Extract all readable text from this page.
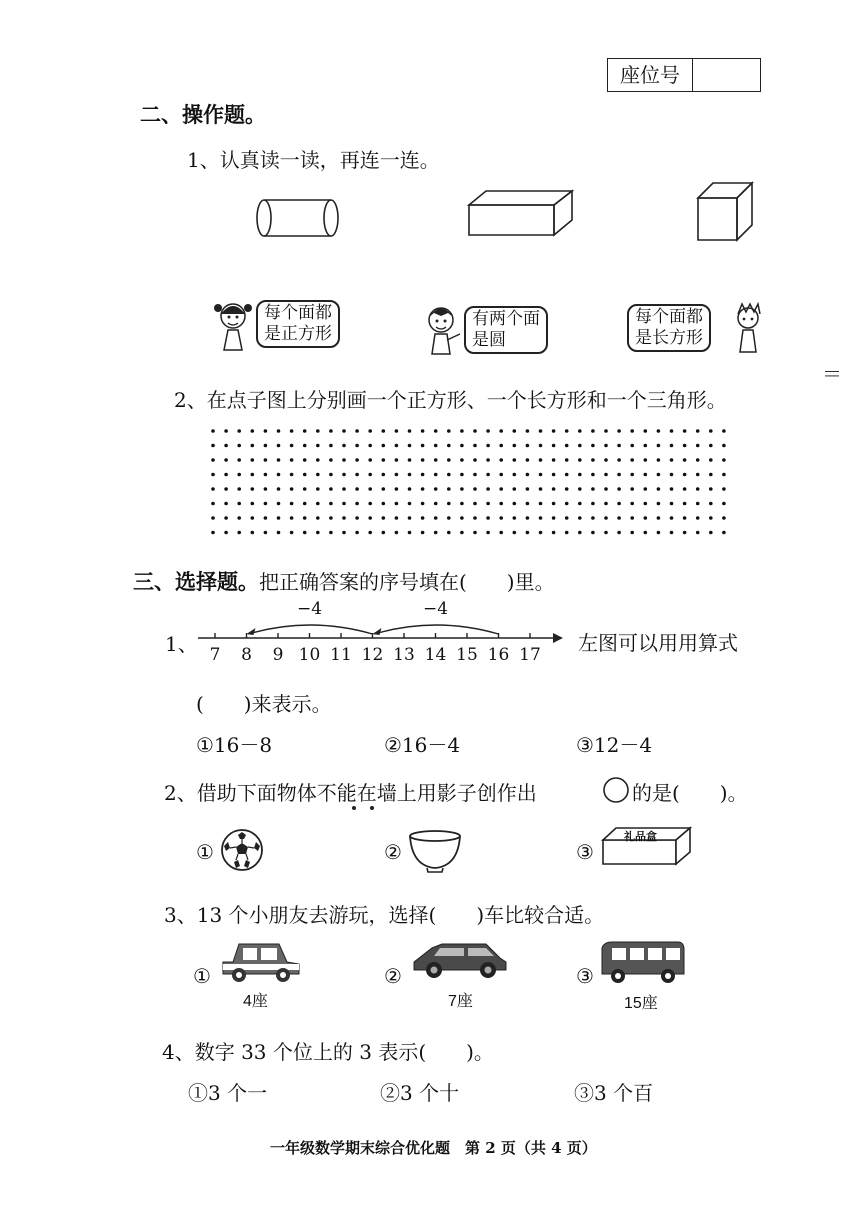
座位号
二、操作题。
1、认真读一读，再连一连。
每个面都
是正方形
有两个面
是圆
每个面都
是长方形
2、在点子图上分别画一个正方形、一个长方形和一个三角形。
＝
三、选择题。把正确答案的序号填在(　　)里。
1、 7 8 9 10 11 12 13 14 15 16 17
−4
−4
左图可以用用算式
(　　)来表示。
①16－8	②16－4	③12－4
2、借助下面物体不能在墙上用影子创作出	的是(　　)。
①	②	③
礼品盒
3、13 个小朋友去游玩，选择(　　)车比较合适。
①
4座
②
7座
③
15座
4、数字 33 个位上的 3 表示(　　)。
①3 个一	②3 个十	③3 个百
一年级数学期末综合优化题　第 2 页（共 4 页）
